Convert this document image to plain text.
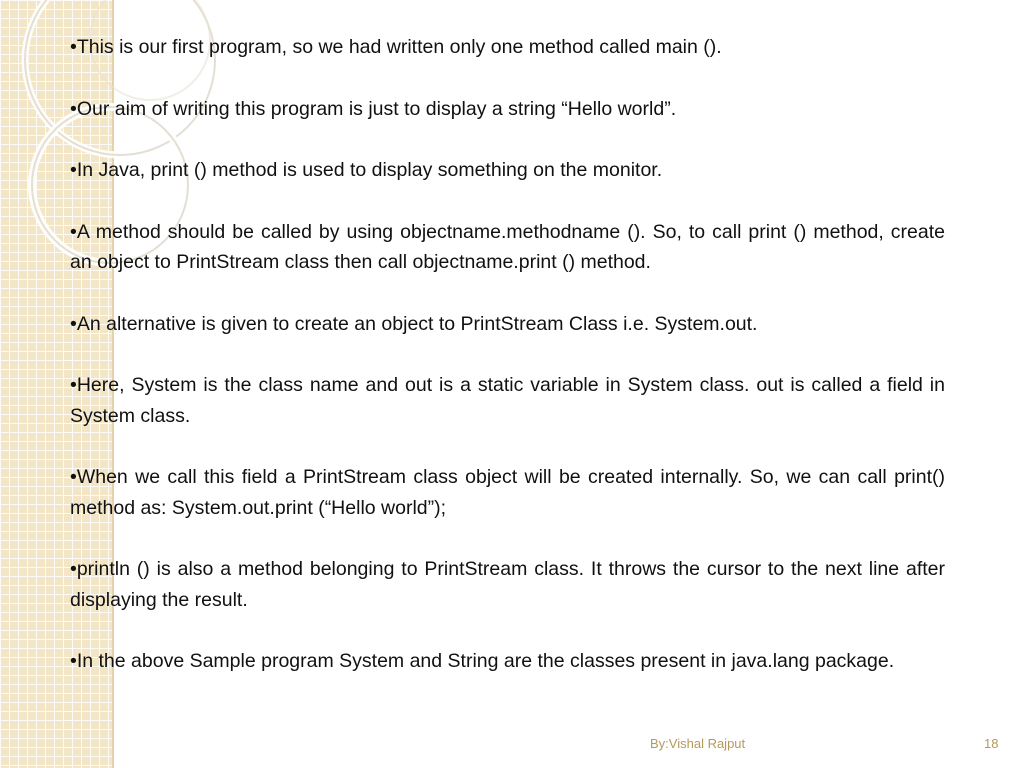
•This is our first program, so we had written only one method called main ().

•Our aim of writing this program is just to display a string “Hello world”.

•In Java, print () method is used to display something on the monitor.

•A method should be called by using objectname.methodname (). So, to call print () method, create an object to PrintStream class then call objectname.print () method.

•An alternative is given to create an object to PrintStream Class i.e. System.out.

•Here, System is the class name and out is a static variable in System class. out is called a field in System class.

•When we call this field a PrintStream class object will be created internally. So, we can call print() method as: System.out.print (“Hello world”);

•println () is also a method belonging to PrintStream class. It throws the cursor to the next line after displaying the result.

•In the above Sample program System and String are the classes present in java.lang package.

By:Vishal Rajput	18
